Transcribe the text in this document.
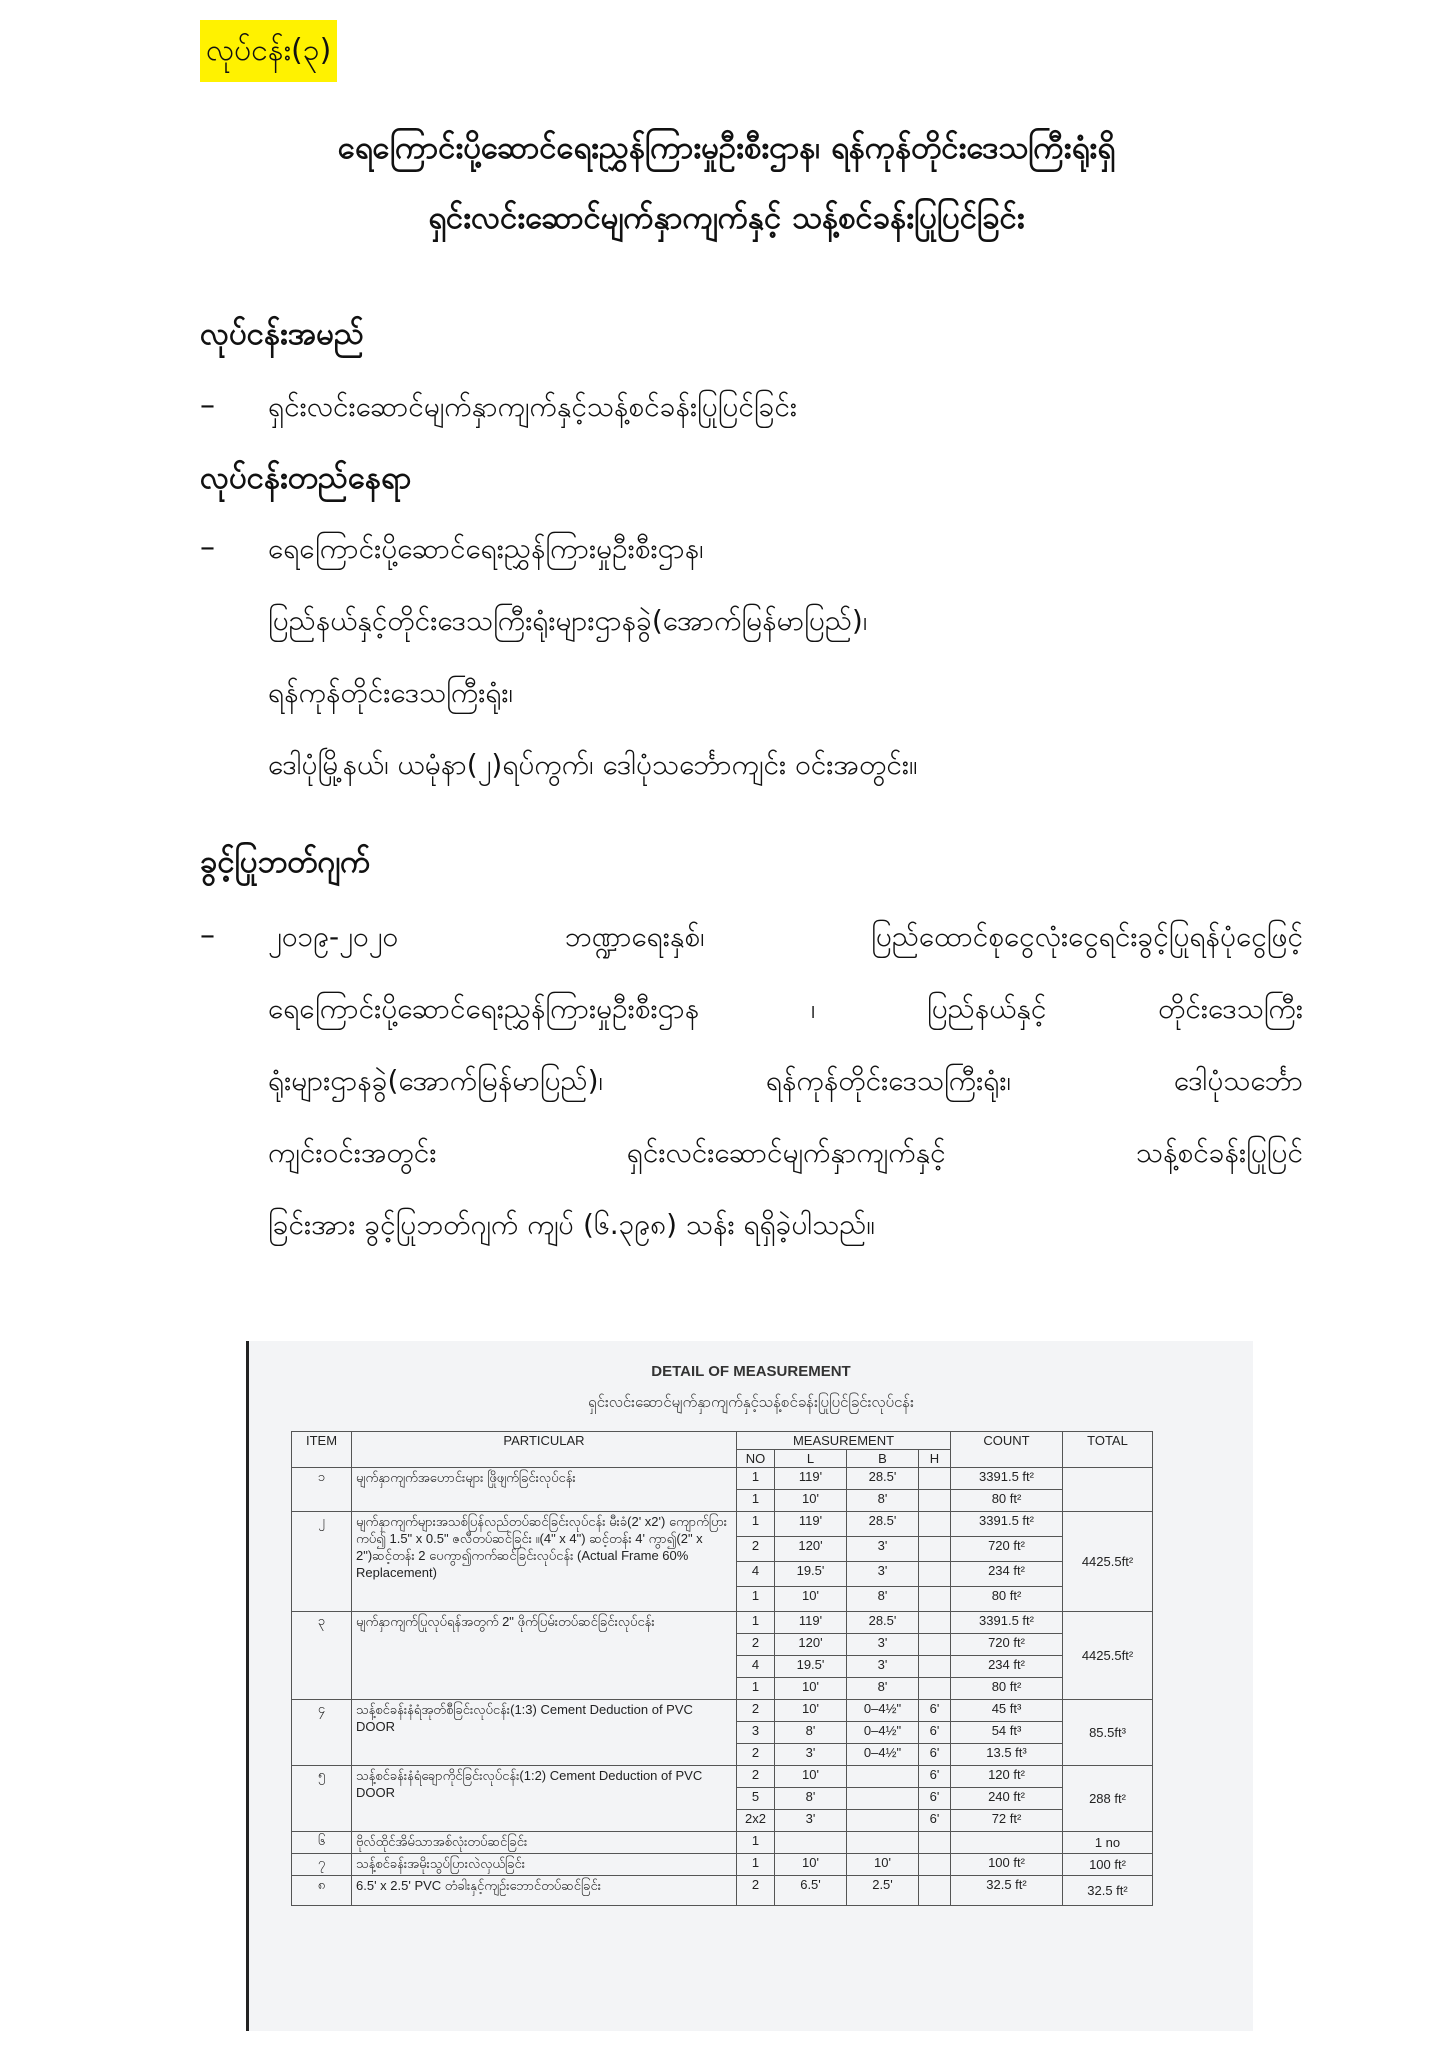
လုပ်ငန်း(၃)
ရေကြောင်းပို့ဆောင်ရေးညွှန်ကြားမှုဦးစီးဌာန၊ ရန်ကုန်တိုင်းဒေသကြီးရုံးရှိ
ရှင်းလင်းဆောင်မျက်နှာကျက်နှင့် သန့်စင်ခန်းပြုပြင်ခြင်း
လုပ်ငန်းအမည်
– ရှင်းလင်းဆောင်မျက်နှာကျက်နှင့်သန့်စင်ခန်းပြုပြင်ခြင်း
လုပ်ငန်းတည်နေရာ
– ရေကြောင်းပို့ဆောင်ရေးညွှန်ကြားမှုဦးစီးဌာန၊
ပြည်နယ်နှင့်တိုင်းဒေသကြီးရုံးများဌာနခွဲ(အောက်မြန်မာပြည်)၊
ရန်ကုန်တိုင်းဒေသကြီးရုံး၊
ဒေါပုံမြို့နယ်၊ ယမုံနာ(၂)ရပ်ကွက်၊ ဒေါပုံသင်္ဘောကျင်း ဝင်းအတွင်း။
ခွင့်ပြုဘတ်ဂျက်
– ၂၀၁၉-၂၀၂၀ ဘဏ္ဍာရေးနှစ်၊ ပြည်ထောင်စုငွေလုံးငွေရင်းခွင့်ပြုရန်ပုံငွေဖြင့်
ရေကြောင်းပို့ဆောင်ရေးညွှန်ကြားမှုဦးစီးဌာန ၊ ပြည်နယ်နှင့် တိုင်းဒေသကြီး
ရုံးများဌာနခွဲ(အောက်မြန်မာပြည်)၊ ရန်ကုန်တိုင်းဒေသကြီးရုံး၊ ဒေါပုံသင်္ဘော
ကျင်းဝင်းအတွင်း ရှင်းလင်းဆောင်မျက်နှာကျက်နှင့် သန့်စင်ခန်းပြုပြင်
ခြင်းအား ခွင့်ပြုဘတ်ဂျက် ကျပ် (၆.၃၉၈) သန်း ရရှိခဲ့ပါသည်။
DETAIL OF MEASUREMENT
ရှင်းလင်းဆောင်မျက်နှာကျက်နှင့်သန့်စင်ခန်းပြုပြင်ခြင်းလုပ်ငန်း
ITEM	PARTICULAR	MEASUREMENT				COUNT	TOTAL
		NO	L	B	H		
၁	မျက်နှာကျက်အဟောင်းများ ဖြိုဖျက်ခြင်းလုပ်ငန်း	1	119'	28.5'		3391.5 ft²	
		1	10'	8'		80 ft²	
၂	မျက်နှာကျက်များအသစ်ပြန်လည်တပ်ဆင်ခြင်းလုပ်ငန်း မီးခံ(2' x2') ကျောက်ပြားကပ်၍ 1.5" x 0.5" ဇလီတပ်ဆင်ခြင်း ။(4" x 4") ဆင့်တန်း 4' ကွာ၍(2" x 2")ဆင့်တန်း 2 ပေကွာ၍ကက်ဆင်ခြင်းလုပ်ငန်း (Actual Frame 60% Replacement)	1	119'	28.5'		3391.5 ft²	4425.5ft²
		2	120'	3'		720 ft²	
		4	19.5'	3'		234 ft²	
		1	10'	8'		80 ft²	
၃	မျက်နှာကျက်ပြုလုပ်ရန်အတွက် 2" ဖိုက်ပြမ်းတပ်ဆင်ခြင်းလုပ်ငန်း	1	119'	28.5'		3391.5 ft²	4425.5ft²
		2	120'	3'		720 ft²	
		4	19.5'	3'		234 ft²	
		1	10'	8'		80 ft²	
၄	သန့်စင်ခန်းနံရံအုတ်စီခြင်းလုပ်ငန်း(1:3) Cement Deduction of PVC DOOR	2	10'	0–4½"	6'	45 ft³	85.5ft³
		3	8'	0–4½"	6'	54 ft³	
		2	3'	0–4½"	6'	13.5 ft³	
၅	သန့်စင်ခန်းနံရံချောကိုင်ခြင်းလုပ်ငန်း(1:2) Cement Deduction of PVC DOOR	2	10'		6'	120 ft²	288 ft²
		5	8'		6'	240 ft²	
		2x2	3'		6'	72 ft²	
၆	ဗိုလ်ထိုင်အိမ်သာအစ်လုံးတပ်ဆင်ခြင်း	1					1 no
၇	သန့်စင်ခန်းအမိုးသွပ်ပြားလဲလှယ်ခြင်း	1	10'	10'		100 ft²	100 ft²
၈	6.5' x 2.5' PVC တံခါးနှင့်ကျဉ်းဘောင်တပ်ဆင်ခြင်း	2	6.5'	2.5'		32.5 ft²	32.5 ft²
